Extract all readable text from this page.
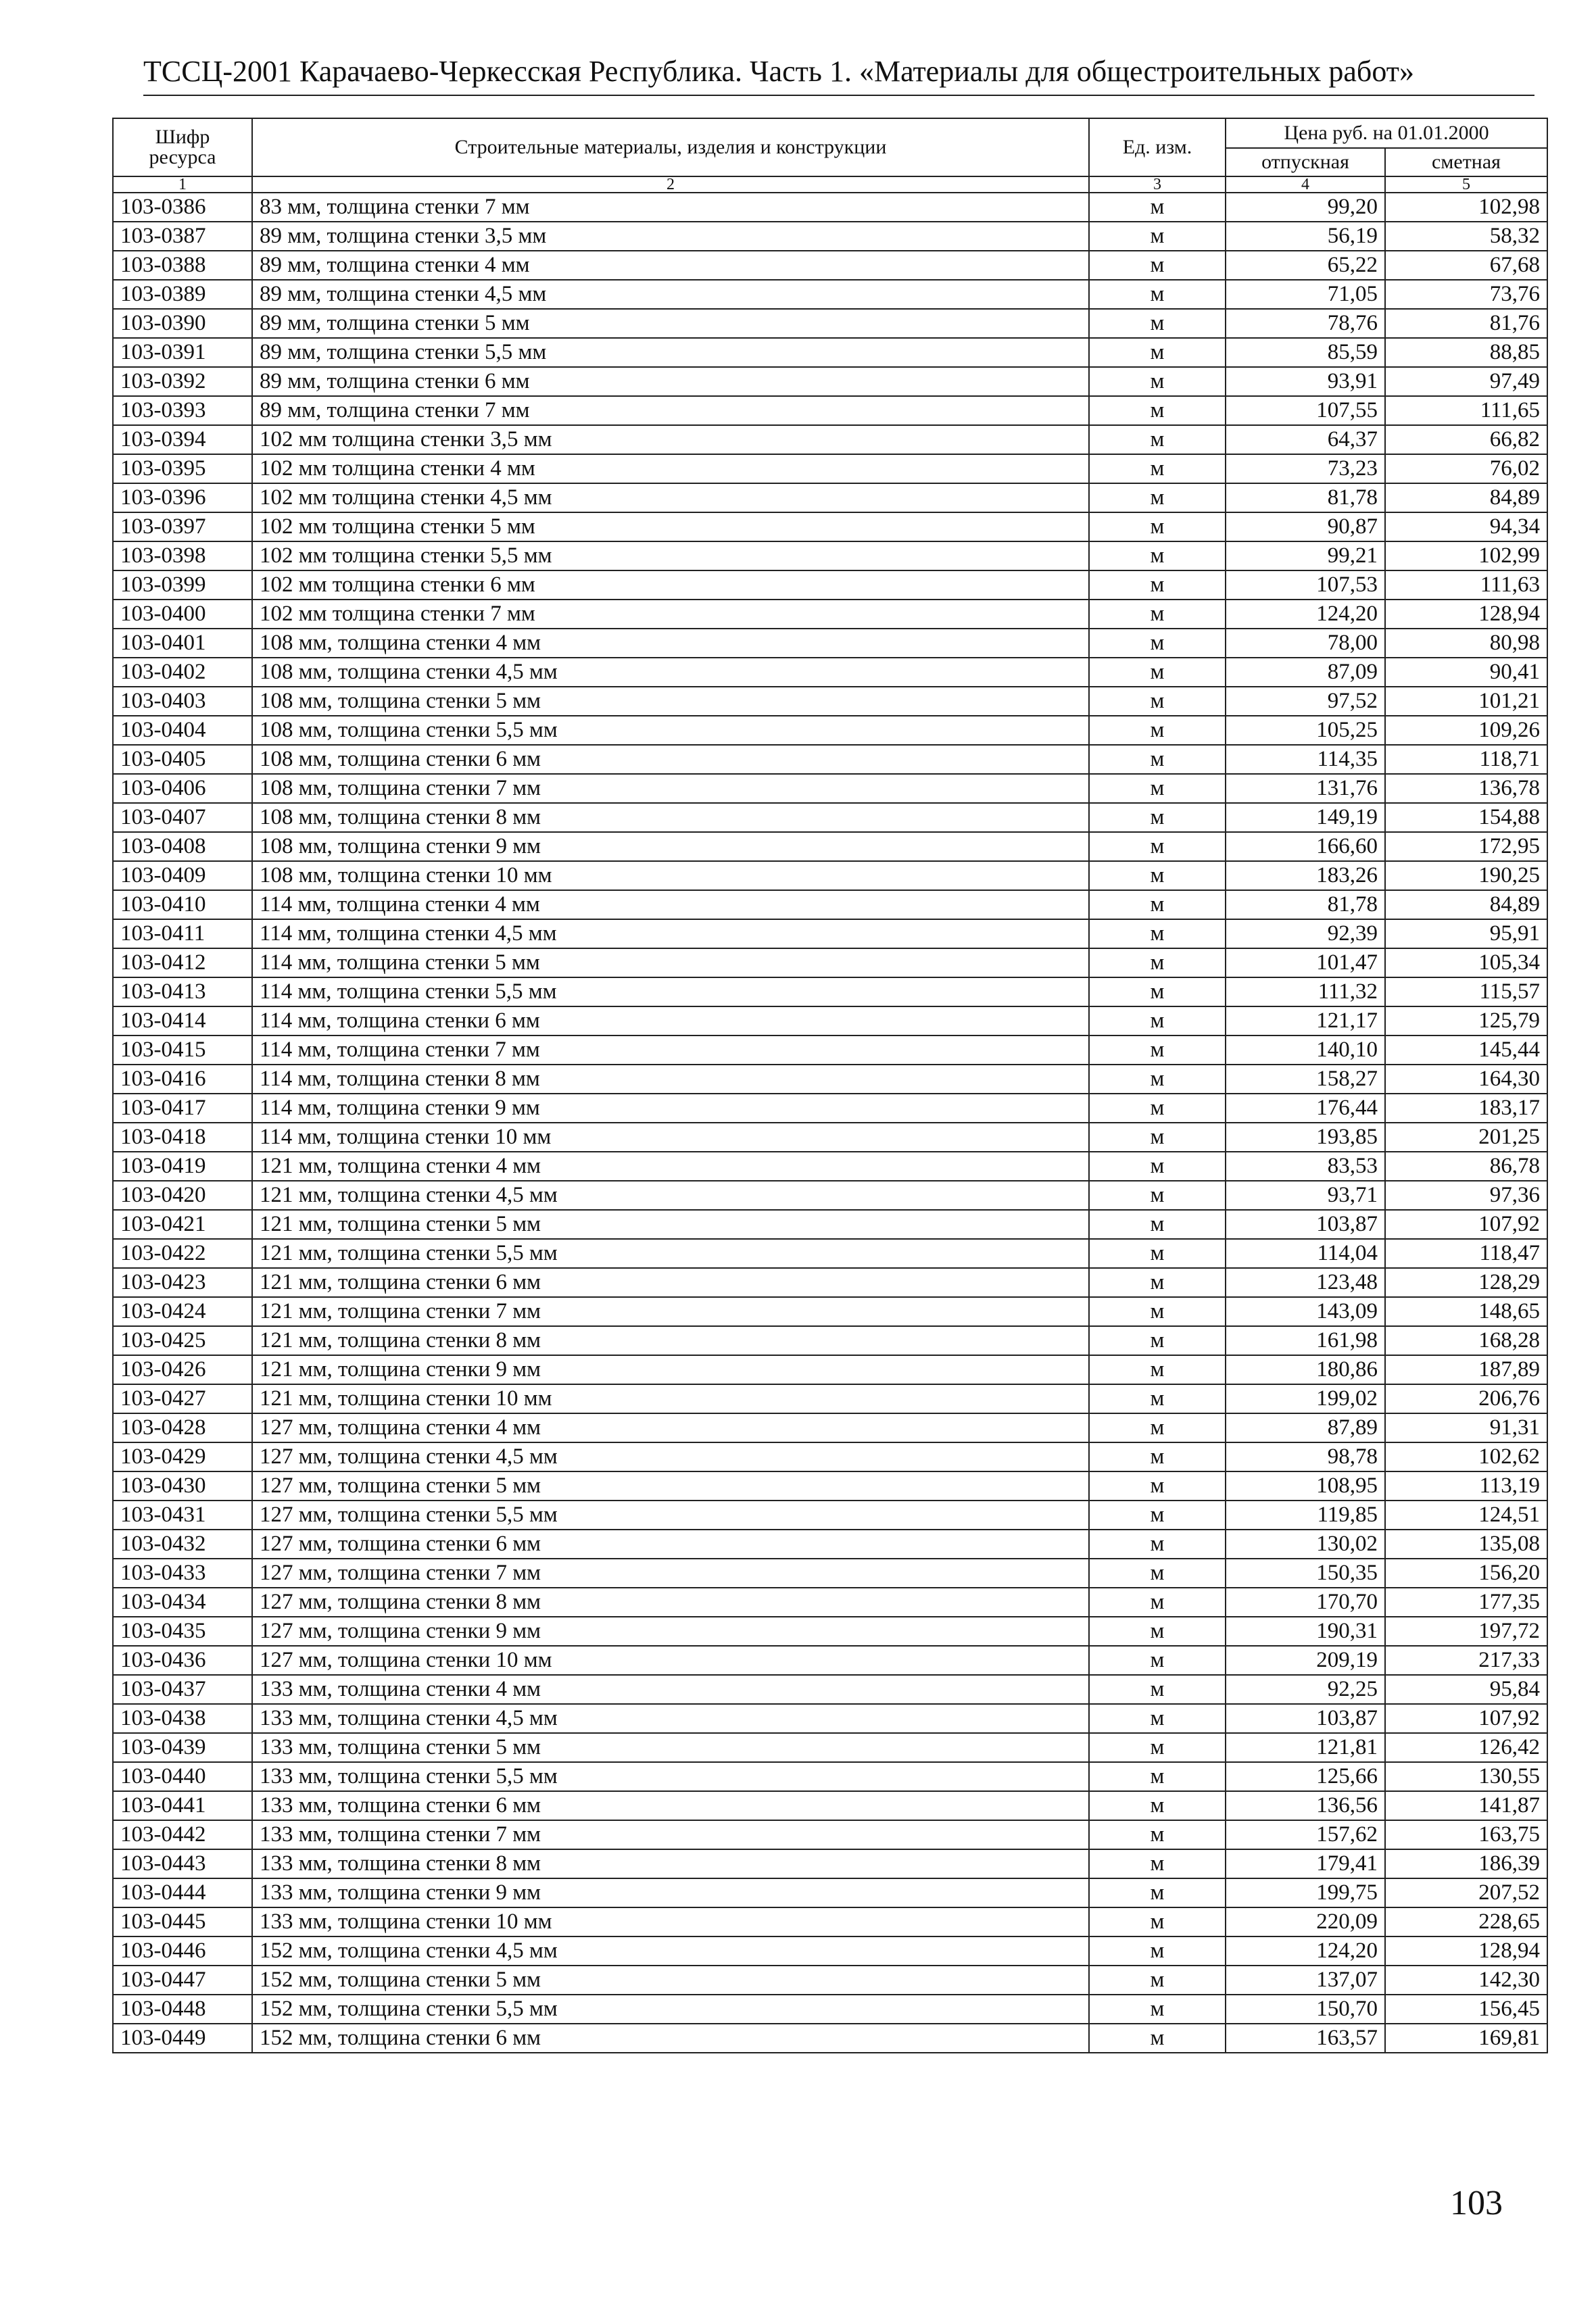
ТССЦ-2001 Карачаево-Черкесская Республика. Часть 1. «Материалы для общестроительных работ»
Шифр ресурса	Строительные материалы, изделия и конструкции	Ед. изм.	Цена руб. на 01.01.2000	
			отпускная	сметная
1	2	3	4	5
103-0386	83 мм, толщина стенки 7 мм	м	99,20	102,98
103-0387	89 мм, толщина стенки 3,5 мм	м	56,19	58,32
103-0388	89 мм, толщина стенки 4 мм	м	65,22	67,68
103-0389	89 мм, толщина стенки 4,5 мм	м	71,05	73,76
103-0390	89 мм, толщина стенки 5 мм	м	78,76	81,76
103-0391	89 мм, толщина стенки 5,5 мм	м	85,59	88,85
103-0392	89 мм, толщина стенки 6 мм	м	93,91	97,49
103-0393	89 мм, толщина стенки 7 мм	м	107,55	111,65
103-0394	102 мм толщина стенки 3,5 мм	м	64,37	66,82
103-0395	102 мм толщина стенки 4 мм	м	73,23	76,02
103-0396	102 мм толщина стенки 4,5 мм	м	81,78	84,89
103-0397	102 мм толщина стенки 5 мм	м	90,87	94,34
103-0398	102 мм толщина стенки 5,5 мм	м	99,21	102,99
103-0399	102 мм толщина стенки 6 мм	м	107,53	111,63
103-0400	102 мм толщина стенки 7 мм	м	124,20	128,94
103-0401	108 мм, толщина стенки 4 мм	м	78,00	80,98
103-0402	108 мм, толщина стенки 4,5 мм	м	87,09	90,41
103-0403	108 мм, толщина стенки 5 мм	м	97,52	101,21
103-0404	108 мм, толщина стенки 5,5 мм	м	105,25	109,26
103-0405	108 мм, толщина стенки 6 мм	м	114,35	118,71
103-0406	108 мм, толщина стенки 7 мм	м	131,76	136,78
103-0407	108 мм, толщина стенки 8 мм	м	149,19	154,88
103-0408	108 мм, толщина стенки 9 мм	м	166,60	172,95
103-0409	108 мм, толщина стенки 10 мм	м	183,26	190,25
103-0410	114 мм, толщина стенки 4 мм	м	81,78	84,89
103-0411	114 мм, толщина стенки 4,5 мм	м	92,39	95,91
103-0412	114 мм, толщина стенки 5 мм	м	101,47	105,34
103-0413	114 мм, толщина стенки 5,5 мм	м	111,32	115,57
103-0414	114 мм, толщина стенки 6 мм	м	121,17	125,79
103-0415	114 мм, толщина стенки 7 мм	м	140,10	145,44
103-0416	114 мм, толщина стенки 8 мм	м	158,27	164,30
103-0417	114 мм, толщина стенки 9 мм	м	176,44	183,17
103-0418	114 мм, толщина стенки 10 мм	м	193,85	201,25
103-0419	121 мм, толщина стенки 4 мм	м	83,53	86,78
103-0420	121 мм, толщина стенки 4,5 мм	м	93,71	97,36
103-0421	121 мм, толщина стенки 5 мм	м	103,87	107,92
103-0422	121 мм, толщина стенки 5,5 мм	м	114,04	118,47
103-0423	121 мм, толщина стенки 6 мм	м	123,48	128,29
103-0424	121 мм, толщина стенки 7 мм	м	143,09	148,65
103-0425	121 мм, толщина стенки 8 мм	м	161,98	168,28
103-0426	121 мм, толщина стенки 9 мм	м	180,86	187,89
103-0427	121 мм, толщина стенки 10 мм	м	199,02	206,76
103-0428	127 мм, толщина стенки 4 мм	м	87,89	91,31
103-0429	127 мм, толщина стенки 4,5 мм	м	98,78	102,62
103-0430	127 мм, толщина стенки 5 мм	м	108,95	113,19
103-0431	127 мм, толщина стенки 5,5 мм	м	119,85	124,51
103-0432	127 мм, толщина стенки 6 мм	м	130,02	135,08
103-0433	127 мм, толщина стенки 7 мм	м	150,35	156,20
103-0434	127 мм, толщина стенки 8 мм	м	170,70	177,35
103-0435	127 мм, толщина стенки 9 мм	м	190,31	197,72
103-0436	127 мм, толщина стенки 10 мм	м	209,19	217,33
103-0437	133 мм, толщина стенки 4 мм	м	92,25	95,84
103-0438	133 мм, толщина стенки 4,5 мм	м	103,87	107,92
103-0439	133 мм, толщина стенки 5 мм	м	121,81	126,42
103-0440	133 мм, толщина стенки 5,5 мм	м	125,66	130,55
103-0441	133 мм, толщина стенки 6 мм	м	136,56	141,87
103-0442	133 мм, толщина стенки 7 мм	м	157,62	163,75
103-0443	133 мм, толщина стенки 8 мм	м	179,41	186,39
103-0444	133 мм, толщина стенки 9 мм	м	199,75	207,52
103-0445	133 мм, толщина стенки 10 мм	м	220,09	228,65
103-0446	152 мм, толщина стенки 4,5 мм	м	124,20	128,94
103-0447	152 мм, толщина стенки 5 мм	м	137,07	142,30
103-0448	152 мм, толщина стенки 5,5 мм	м	150,70	156,45
103-0449	152 мм, толщина стенки 6 мм	м	163,57	169,81
103
